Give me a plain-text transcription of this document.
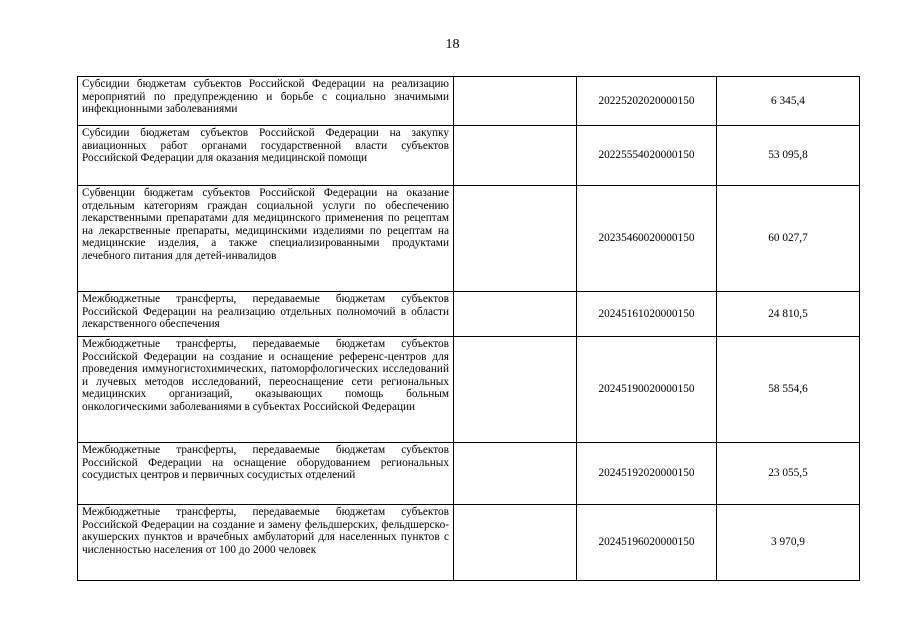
18
Субсидии бюджетам субъектов Российской Федерации на реализацию мероприятий по предупреждению и борьбе с социально значимыми инфекционными заболеваниями		20225202020000150	6 345,4
Субсидии бюджетам субъектов Российской Федерации на закупку авиационных работ органами государственной власти субъектов Российской Федерации для оказания медицинской помощи		20225554020000150	53 095,8
Субвенции бюджетам субъектов Российской Федерации на оказание отдельным категориям граждан социальной услуги по обеспечению лекарственными препаратами для медицинского применения по рецептам на лекарственные препараты, медицинскими изделиями по рецептам на медицинские изделия, а также специализированными продуктами лечебного питания для детей-инвалидов		20235460020000150	60 027,7
Межбюджетные трансферты, передаваемые бюджетам субъектов Российской Федерации на реализацию отдельных полномочий в области лекарственного обеспечения		20245161020000150	24 810,5
Межбюджетные трансферты, передаваемые бюджетам субъектов Российской Федерации на создание и оснащение референс-центров для проведения иммуногистохимических, патоморфологических исследований и лучевых методов исследований, переоснащение сети региональных медицинских организаций, оказывающих помощь больным онкологическими заболеваниями в субъектах Российской Федерации		20245190020000150	58 554,6
Межбюджетные трансферты, передаваемые бюджетам субъектов Российской Федерации на оснащение оборудованием региональных сосудистых центров и первичных сосудистых отделений		20245192020000150	23 055,5
Межбюджетные трансферты, передаваемые бюджетам субъектов Российской Федерации на создание и замену фельдшерских, фельдшерско-акушерских пунктов и врачебных амбулаторий для населенных пунктов с численностью населения от 100 до 2000 человек		20245196020000150	3 970,9
